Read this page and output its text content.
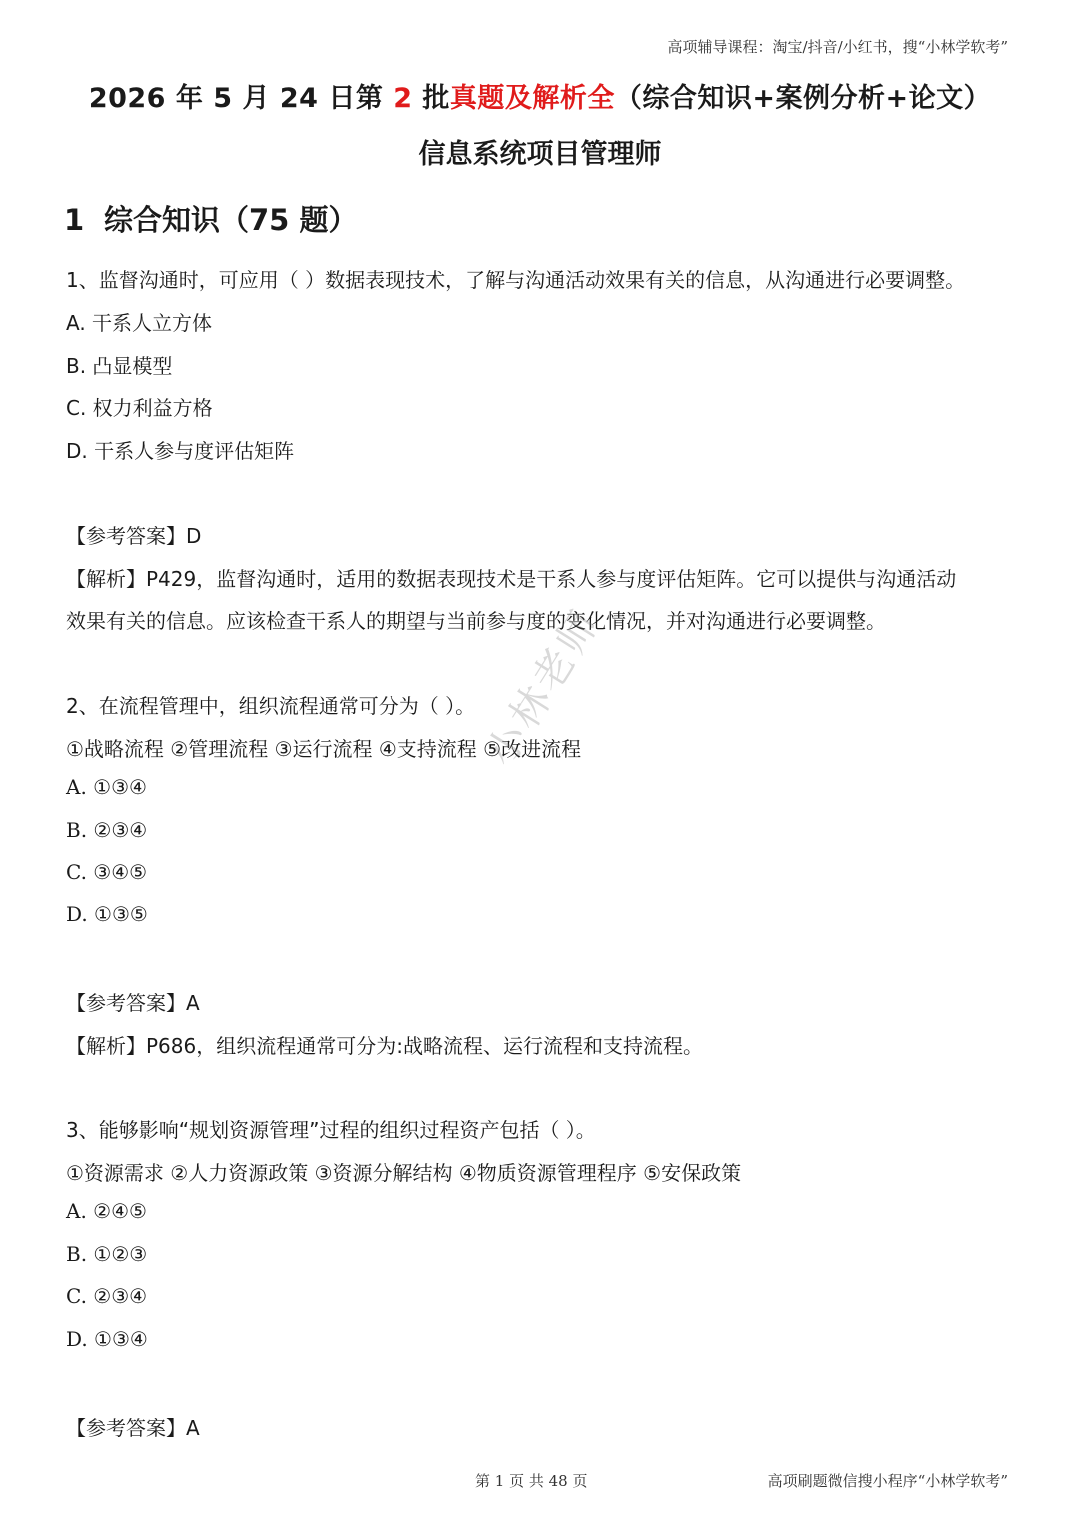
高项辅导课程：淘宝/抖音/小红书，搜“小林学软考”
2026 年 5 月 24 日第 2 批真题及解析全（综合知识+案例分析+论文）
信息系统项目管理师
1 综合知识（75 题）
1、监督沟通时，可应用（ ）数据表现技术，了解与沟通活动效果有关的信息，从沟通进行必要调整。
A. 干系人立方体
B. 凸显模型
C. 权力利益方格
D. 干系人参与度评估矩阵
【参考答案】D
【解析】P429，监督沟通时，适用的数据表现技术是干系人参与度评估矩阵。它可以提供与沟通活动
效果有关的信息。应该检查干系人的期望与当前参与度的变化情况，并对沟通进行必要调整。
2、在流程管理中，组织流程通常可分为（ ）。
①战略流程 ②管理流程 ③运行流程 ④支持流程 ⑤改进流程
A. ①③④
B. ②③④
C. ③④⑤
D. ①③⑤
【参考答案】A
【解析】P686，组织流程通常可分为:战略流程、运行流程和支持流程。
3、能够影响“规划资源管理”过程的组织过程资产包括（ ）。
①资源需求 ②人力资源政策 ③资源分解结构 ④物质资源管理程序 ⑤安保政策
A. ②④⑤
B. ①②③
C. ②③④
D. ①③④
【参考答案】A
小林老师
第 1 页 共 48 页	高项刷题微信搜小程序“小林学软考”
